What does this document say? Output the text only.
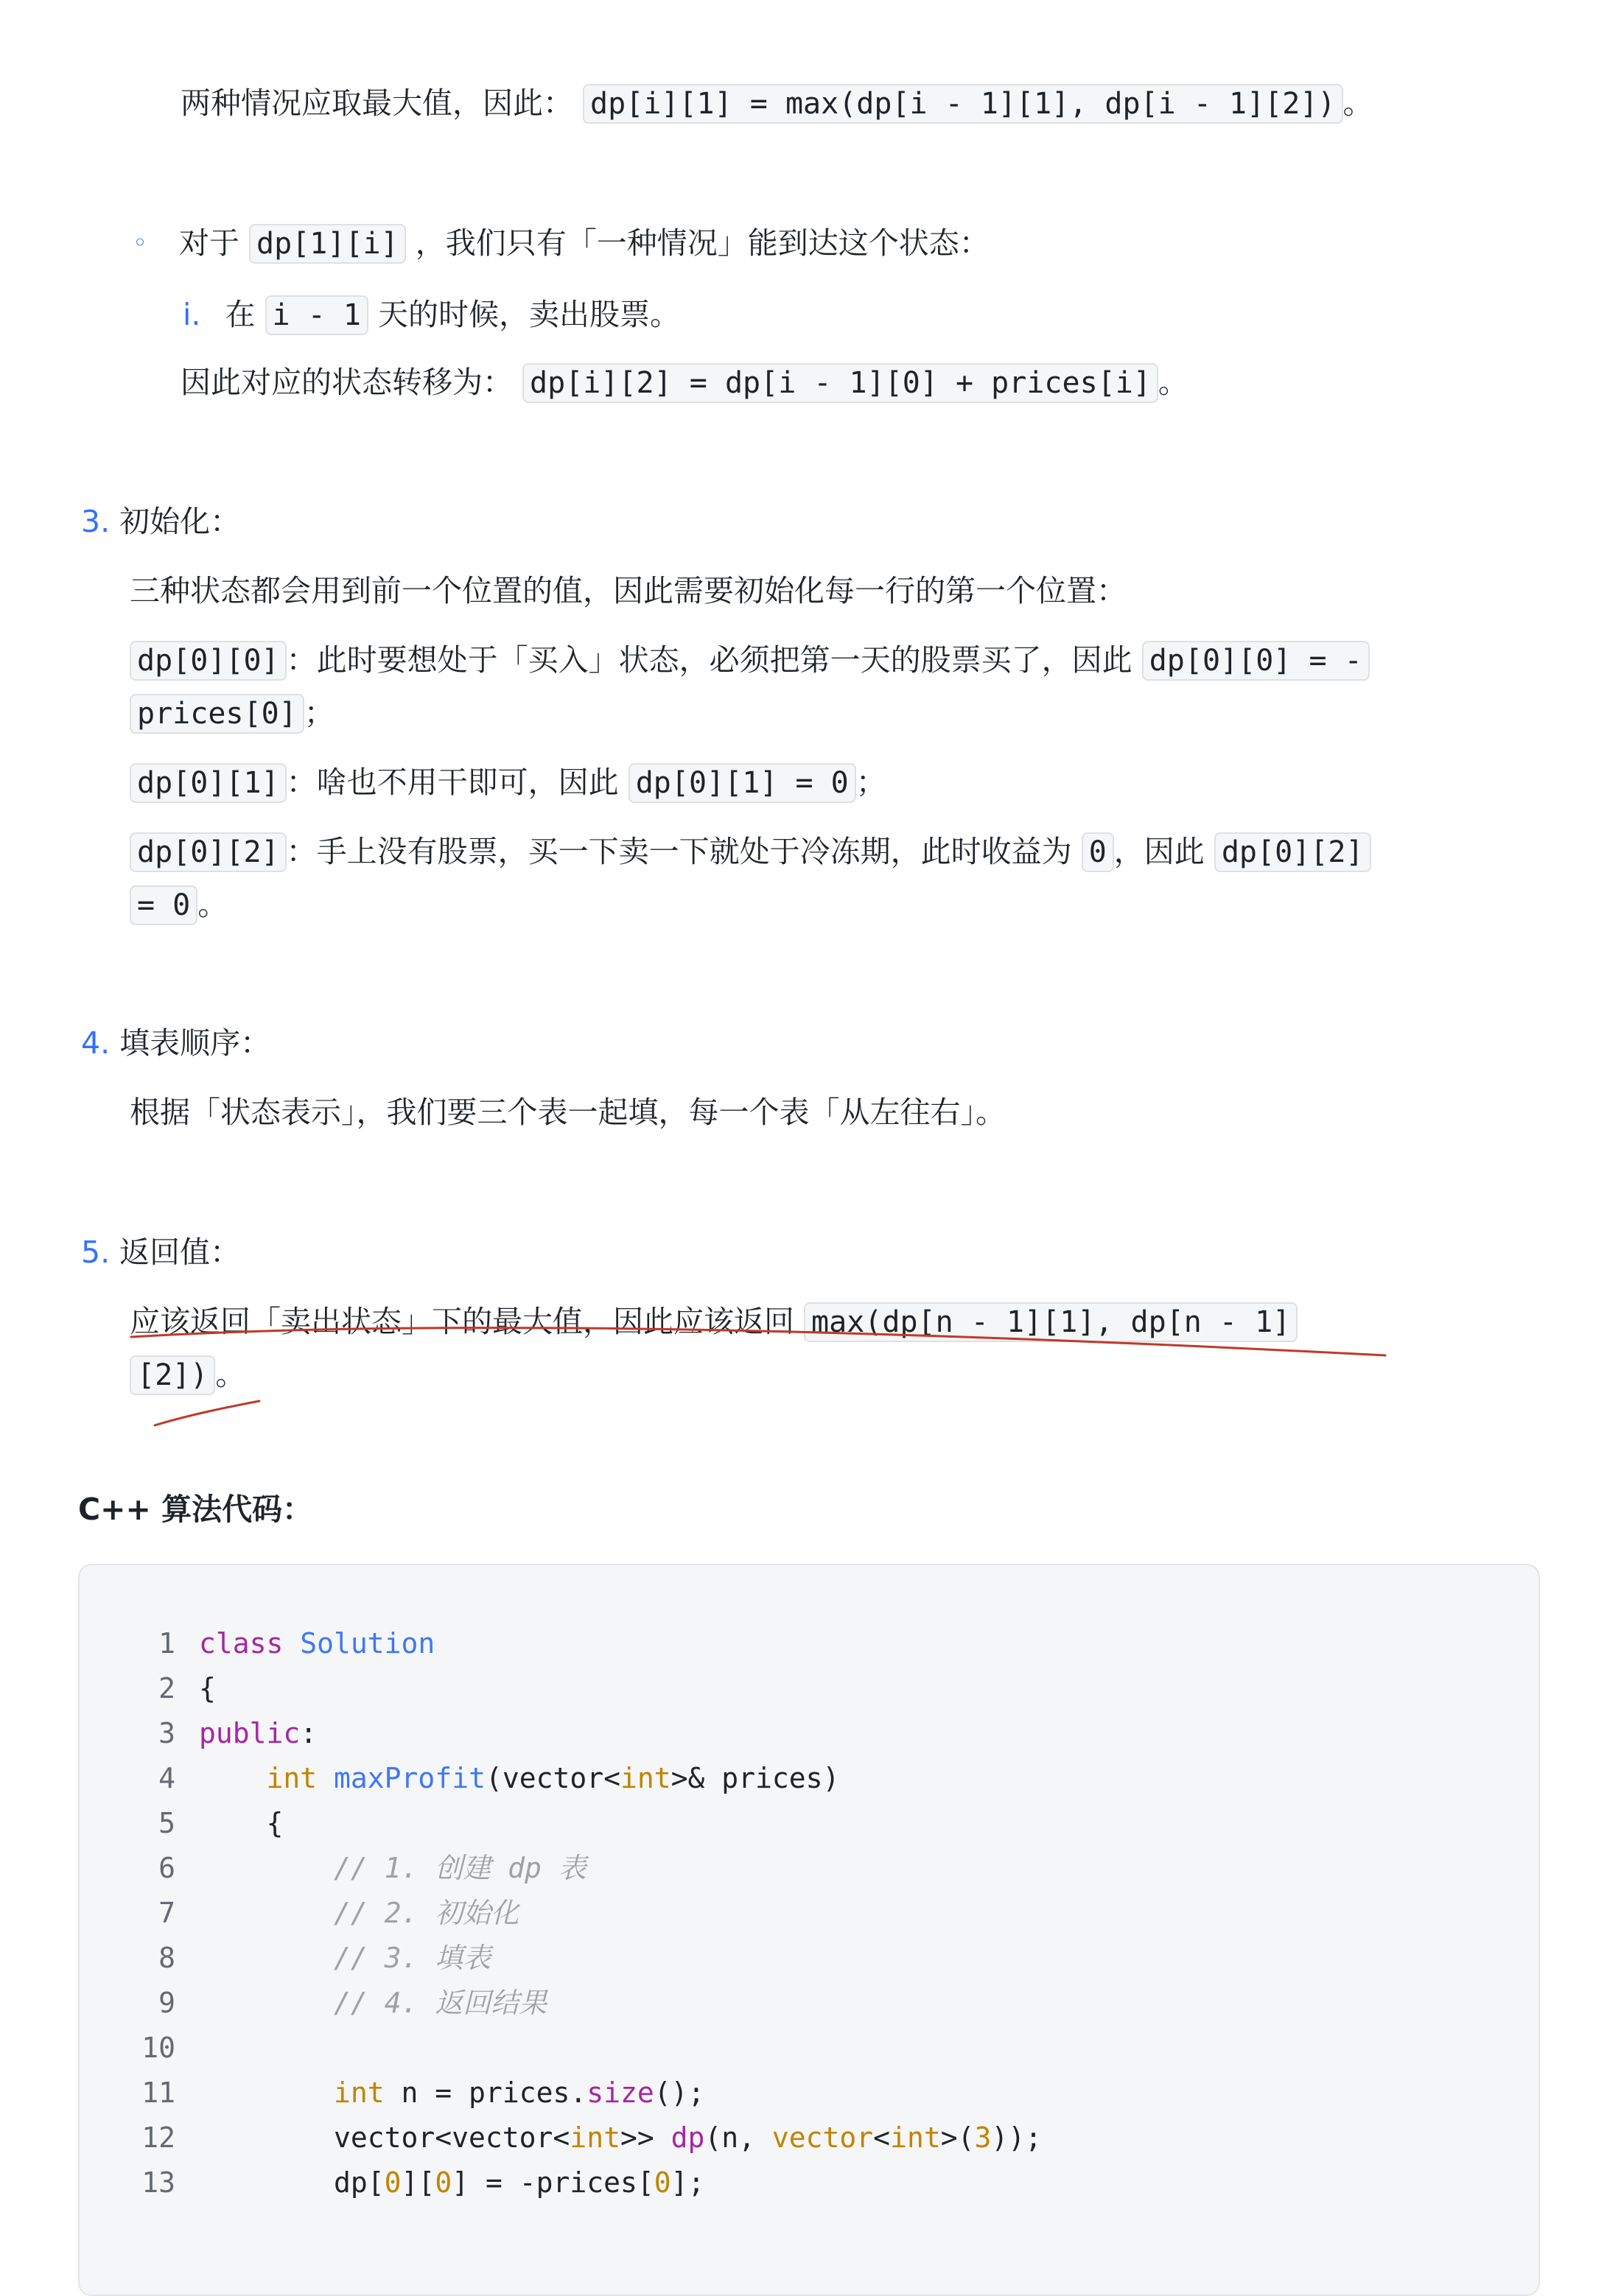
两种情况应取最大值，因此： dp[i][1] = max(dp[i - 1][1], dp[i - 1][2]) 。
◦ 对于 dp[1][i] ，我们只有「一种情况」能到达这个状态：
i. 在 i - 1 天的时候，卖出股票。
因此对应的状态转移为： dp[i][2] = dp[i - 1][0] + prices[i] 。
3. 初始化：
三种状态都会用到前一个位置的值，因此需要初始化每一行的第一个位置：
dp[0][0] ：此时要想处于「买入」状态，必须把第一天的股票买了，因此 dp[0][0] = -
prices[0] ；
dp[0][1] ：啥也不用干即可，因此 dp[0][1] = 0 ；
dp[0][2] ：手上没有股票，买一下卖一下就处于冷冻期，此时收益为 0 ，因此 dp[0][2]
= 0 。
4. 填表顺序：
根据「状态表示」，我们要三个表一起填，每一个表「从左往右」。
5. 返回值：
应该返回「卖出状态」下的最大值，因此应该返回 max(dp[n - 1][1], dp[n - 1]
[2]) 。
C++ 算法代码：
1 class Solution
2 {
3 public:
4	int maxProfit(vector<int>& prices)
5    {
6	// 1. 创建 dp 表
7	// 2. 初始化
8	// 3. 填表
9	// 4. 返回结果
10
11	int n = prices.size();
12        vector<vector<int>> dp(n, vector<int>(3));
13        dp[0][0] = -prices[0];
